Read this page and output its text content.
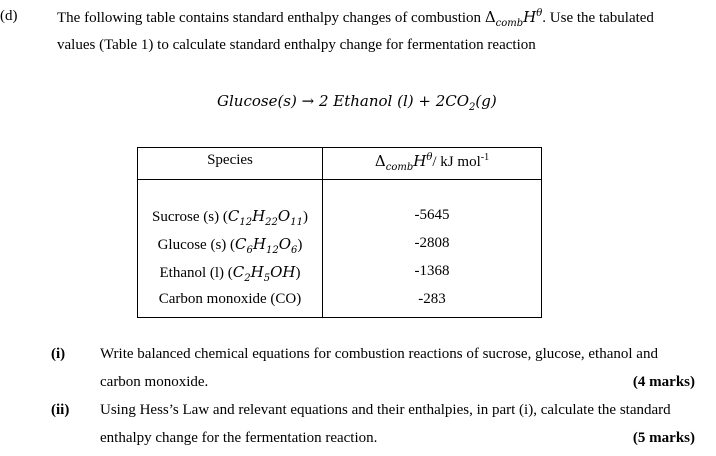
(d)	The following table contains standard enthalpy changes of combustion $\Delta_{comb}H^\theta$. Use the tabulated
values (Table 1) to calculate standard enthalpy change for fermentation reaction
Glucose(s) → 2 Ethanol $(l) + 2CO_2(g)$
Species	$\Delta_{comb}H^\theta/$ kJ mol$^{-1}$
Sucrose (s) $(C_{12}H_{22}O_{11})$	-5645
Glucose (s) $(C_6H_{12}O_6)$	-2808
Ethanol (l) $(C_2H_5OH)$	-1368
Carbon monoxide (CO)	-283
(i) Write balanced chemical equations for combustion reactions of sucrose, glucose, ethanol and
carbon monoxide.	(4 marks)
(ii) Using Hess’s Law and relevant equations and their enthalpies, in part (i), calculate the standard
enthalpy change for the fermentation reaction.	(5 marks)
